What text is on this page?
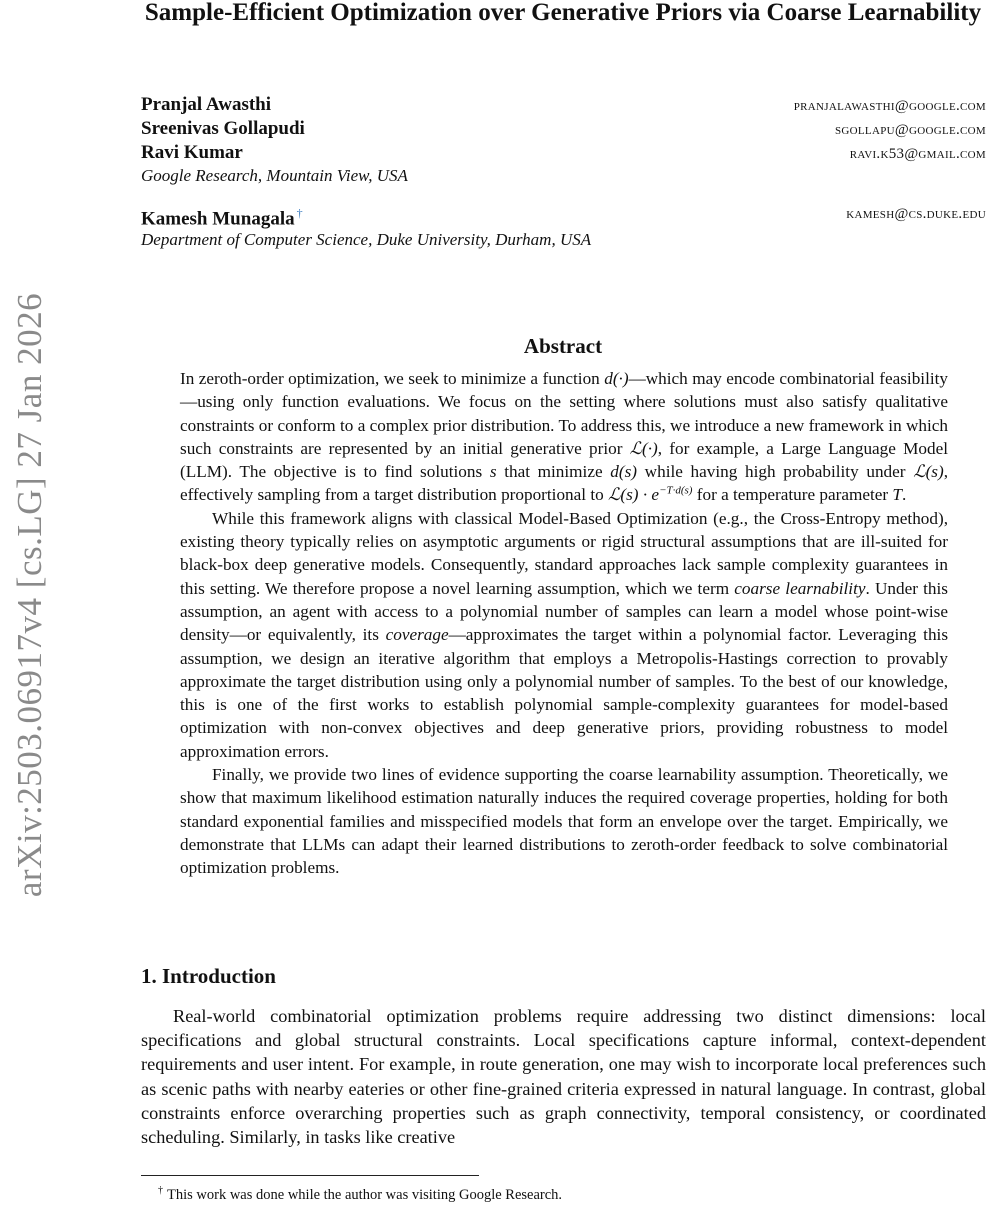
Sample-Efficient Optimization over Generative Priors via Coarse Learnability
Pranjal Awasthi	pranjalawasthi@google.com
Sreenivas Gollapudi	sgollapu@google.com
Ravi Kumar	ravi.k53@gmail.com
Google Research, Mountain View, USA
Kamesh Munagala †	kamesh@cs.duke.edu
Department of Computer Science, Duke University, Durham, USA
arXiv:2503.06917v4 [cs.LG] 27 Jan 2026	Abstract

In zeroth-order optimization, we seek to minimize a function d(·)—which may encode combinatorial feasibility—using only function evaluations. We focus on the setting where solutions must also satisfy qualitative constraints or conform to a complex prior distribution. To address this, we introduce a new framework in which such constraints are represented by an initial generative prior ℒ(·), for example, a Large Language Model (LLM). The objective is to find solutions s that minimize d(s) while having high probability under ℒ(s), effectively sampling from a target distribution proportional to ℒ(s) · $e^{-T\cdot d(s)}$ for a temperature parameter T.

While this framework aligns with classical Model-Based Optimization (e.g., the Cross-Entropy method), existing theory typically relies on asymptotic arguments or rigid structural assumptions that are ill-suited for black-box deep generative models. Consequently, standard approaches lack sample complexity guarantees in this setting. We therefore propose a novel learning assumption, which we term coarse learnability. Under this assumption, an agent with access to a polynomial number of samples can learn a model whose point-wise density—or equivalently, its coverage—approximates the target within a polynomial factor. Leveraging this assumption, we design an iterative algorithm that employs a Metropolis-Hastings correction to provably approximate the target distribution using only a polynomial number of samples. To the best of our knowledge, this is one of the first works to establish polynomial sample-complexity guarantees for model-based optimization with non-convex objectives and deep generative priors, providing robustness to model approximation errors.

Finally, we provide two lines of evidence supporting the coarse learnability assumption. Theoretically, we show that maximum likelihood estimation naturally induces the required coverage properties, holding for both standard exponential families and misspecified models that form an envelope over the target. Empirically, we demonstrate that LLMs can adapt their learned distributions to zeroth-order feedback to solve combinatorial optimization problems.

1. Introduction

Real-world combinatorial optimization problems require addressing two distinct dimensions: local specifications and global structural constraints. Local specifications capture informal, context-dependent requirements and user intent. For example, in route generation, one may wish to incorporate local preferences such as scenic paths with nearby eateries or other fine-grained criteria expressed in natural language. In contrast, global constraints enforce overarching properties such as graph connectivity, temporal consistency, or coordinated scheduling. Similarly, in tasks like creative

† This work was done while the author was visiting Google Research.
